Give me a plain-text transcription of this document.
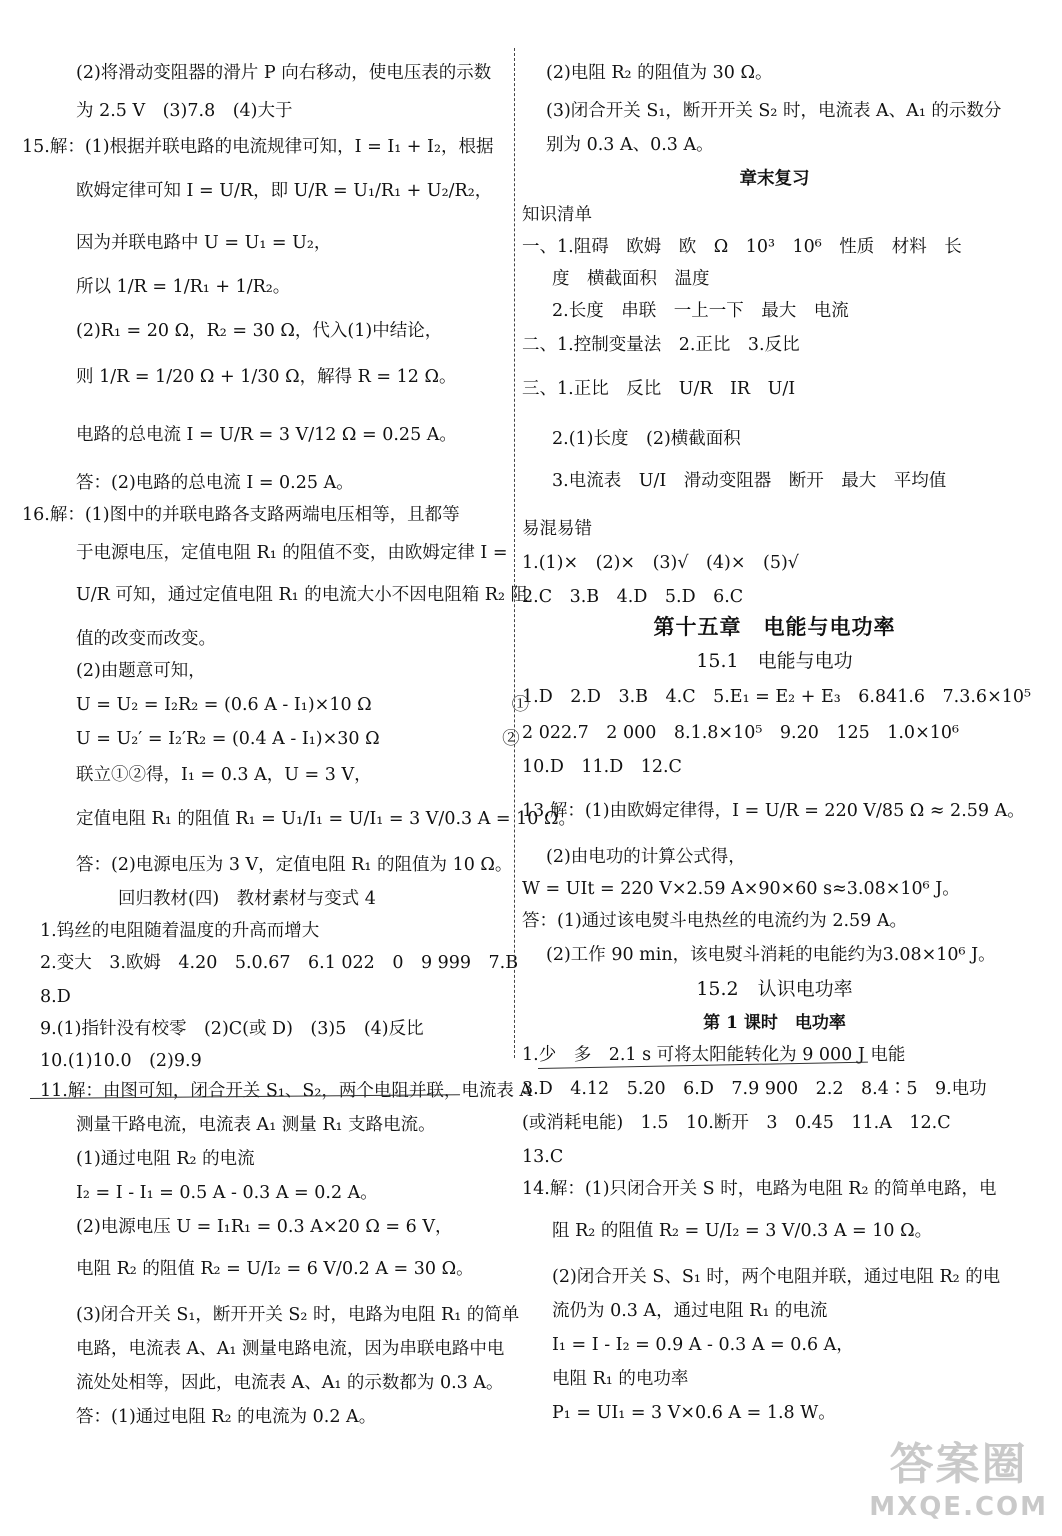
(2)将滑动变阻器的滑片 P 向右移动，使电压表的示数
为 2.5 V　(3)7.8　(4)大于
15.解：(1)根据并联电路的电流规律可知，I = I₁ + I₂，根据
欧姆定律可知 I = U/R，即 U/R = U₁/R₁ + U₂/R₂，
因为并联电路中 U = U₁ = U₂，
所以 1/R = 1/R₁ + 1/R₂。
(2)R₁ = 20 Ω，R₂ = 30 Ω，代入(1)中结论，
则 1/R = 1/20 Ω + 1/30 Ω，解得 R = 12 Ω。
电路的总电流 I = U/R = 3 V/12 Ω = 0.25 A。
答：(2)电路的总电流 I = 0.25 A。
16.解：(1)图中的并联电路各支路两端电压相等，且都等
于电源电压，定值电阻 R₁ 的阻值不变，由欧姆定律 I =
U/R 可知，通过定值电阻 R₁ 的电流大小不因电阻箱 R₂ 阻
值的改变而改变。
(2)由题意可知，
U = U₂ = I₂R₂ = (0.6 A - I₁)×10 Ω　　　　　　　　①
U = U₂′ = I₂′R₂ = (0.4 A - I₁)×30 Ω　　　　　　　②
联立①②得，I₁ = 0.3 A，U = 3 V，
定值电阻 R₁ 的阻值 R₁ = U₁/I₁ = U/I₁ = 3 V/0.3 A = 10 Ω。
答：(2)电源电压为 3 V，定值电阻 R₁ 的阻值为 10 Ω。
回归教材(四)　教材素材与变式 4
1.钨丝的电阻随着温度的升高而增大
2.变大　3.欧姆　4.20　5.0.67　6.1 022　0　9 999　7.B
8.D
9.(1)指针没有校零　(2)C(或 D)　(3)5　(4)反比
10.(1)10.0　(2)9.9
11.解：由图可知，闭合开关 S₁、S₂，两个电阻并联，电流表 A
测量干路电流，电流表 A₁ 测量 R₁ 支路电流。
(1)通过电阻 R₂ 的电流
I₂ = I - I₁ = 0.5 A - 0.3 A = 0.2 A。
(2)电源电压 U = I₁R₁ = 0.3 A×20 Ω = 6 V，
电阻 R₂ 的阻值 R₂ = U/I₂ = 6 V/0.2 A = 30 Ω。
(3)闭合开关 S₁，断开开关 S₂ 时，电路为电阻 R₁ 的简单
电路，电流表 A、A₁ 测量电路电流，因为串联电路中电
流处处相等，因此，电流表 A、A₁ 的示数都为 0.3 A。
答：(1)通过电阻 R₂ 的电流为 0.2 A。
章末复习
第十五章　电能与电功率
15.1　电能与电功
15.2　认识电功率
第 1 课时　电功率
(2)电阻 R₂ 的阻值为 30 Ω。
(3)闭合开关 S₁，断开开关 S₂ 时，电流表 A、A₁ 的示数分
别为 0.3 A、0.3 A。
知识清单
一、1.阻碍　欧姆　欧　Ω　10³　10⁶　性质　材料　长
度　横截面积　温度
2.长度　串联　一上一下　最大　电流
二、1.控制变量法　2.正比　3.反比
三、1.正比　反比　U/R　IR　U/I
2.(1)长度　(2)横截面积
3.电流表　U/I　滑动变阻器　断开　最大　平均值
易混易错
1.(1)×　(2)×　(3)√　(4)×　(5)√
2.C　3.B　4.D　5.D　6.C
1.D　2.D　3.B　4.C　5.E₁ = E₂ + E₃　6.841.6　7.3.6×10⁵
2 022.7　2 000　8.1.8×10⁵　9.20　125　1.0×10⁶
10.D　11.D　12.C
13.解：(1)由欧姆定律得，I = U/R = 220 V/85 Ω ≈ 2.59 A。
(2)由电功的计算公式得，
W = UIt = 220 V×2.59 A×90×60 s≈3.08×10⁶ J。
答：(1)通过该电熨斗电热丝的电流约为 2.59 A。
(2)工作 90 min，该电熨斗消耗的电能约为3.08×10⁶ J。
1.少　多　2.1 s 可将太阳能转化为 9 000 J 电能
3.D　4.12　5.20　6.D　7.9 900　2.2　8.4∶5　9.电功
(或消耗电能)　1.5　10.断开　3　0.45　11.A　12.C
13.C
14.解：(1)只闭合开关 S 时，电路为电阻 R₂ 的简单电路，电
阻 R₂ 的阻值 R₂ = U/I₂ = 3 V/0.3 A = 10 Ω。
(2)闭合开关 S、S₁ 时，两个电阻并联，通过电阻 R₂ 的电
流仍为 0.3 A，通过电阻 R₁ 的电流
I₁ = I - I₂ = 0.9 A - 0.3 A = 0.6 A，
电阻 R₁ 的电功率
P₁ = UI₁ = 3 V×0.6 A = 1.8 W。
答案圈
MXQE.COM
